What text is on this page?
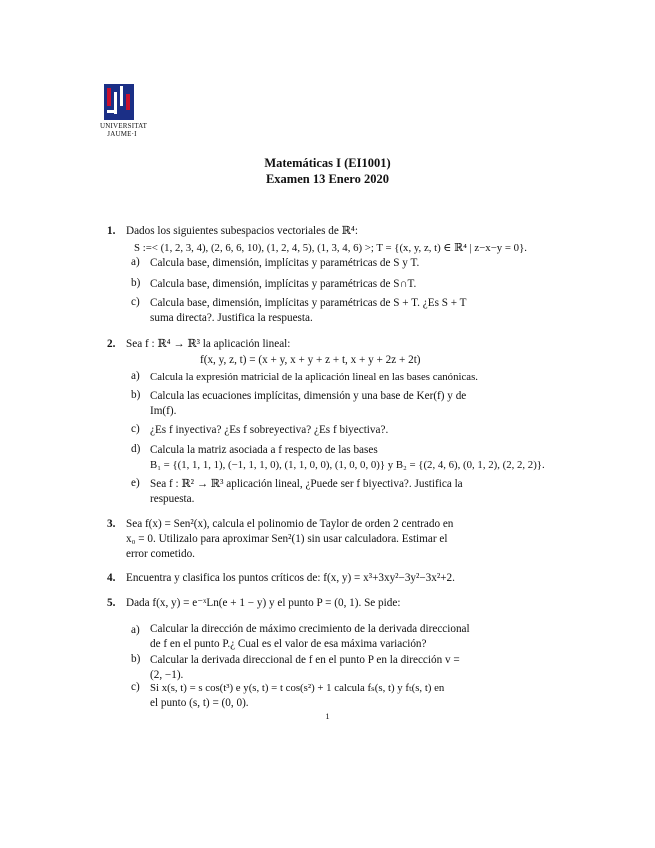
UNIVERSITAT
JAUME·I
Matemáticas I (EI1001)
Examen 13 Enero 2020
1. Dados los siguientes subespacios vectoriales de ℝ⁴:
S :=< (1, 2, 3, 4), (2, 6, 6, 10), (1, 2, 4, 5), (1, 3, 4, 6) >; T = {(x, y, z, t) ∈ ℝ⁴ | z−x−y = 0}.
a) Calcula base, dimensión, implícitas y paramétricas de S y T.
b) Calcula base, dimensión, implícitas y paramétricas de S∩T.
c) Calcula base, dimensión, implícitas y paramétricas de S + T. ¿Es S + T
suma directa?. Justifica la respuesta.
2. Sea f : ℝ⁴ → ℝ³ la aplicación lineal:
f(x, y, z, t) = (x + y, x + y + z + t, x + y + 2z + 2t)
a) Calcula la expresión matricial de la aplicación lineal en las bases canónicas.
b) Calcula las ecuaciones implícitas, dimensión y una base de Ker(f) y de
Im(f).
c) ¿Es f inyectiva? ¿Es f sobreyectiva? ¿Es f biyectiva?.
d) Calcula la matriz asociada a f respecto de las bases
B₁ = {(1, 1, 1, 1), (−1, 1, 1, 0), (1, 1, 0, 0), (1, 0, 0, 0)} y B₂ = {(2, 4, 6), (0, 1, 2), (2, 2, 2)}.
e) Sea f : ℝ² → ℝ³ aplicación lineal, ¿Puede ser f biyectiva?. Justifica la
respuesta.
3. Sea f(x) = Sen²(x), calcula el polinomio de Taylor de orden 2 centrado en
x₀ = 0. Utilizalo para aproximar Sen²(1) sin usar calculadora. Estimar el
error cometido.
4. Encuentra y clasifica los puntos críticos de: f(x, y) = x³+3xy²−3y²−3x²+2.
5. Dada f(x, y) = e⁻ˣLn(e + 1 − y) y el punto P = (0, 1). Se pide:
a) Calcular la dirección de máximo crecimiento de la derivada direccional
de f en el punto P.¿ Cual es el valor de esa máxima variación?
b) Calcular la derivada direccional de f en el punto P en la dirección v =
(2, −1).
c) Si x(s, t) = s cos(t³) e y(s, t) = t cos(s²) + 1 calcula fₛ(s, t) y fₜ(s, t) en
el punto (s, t) = (0, 0).
1
